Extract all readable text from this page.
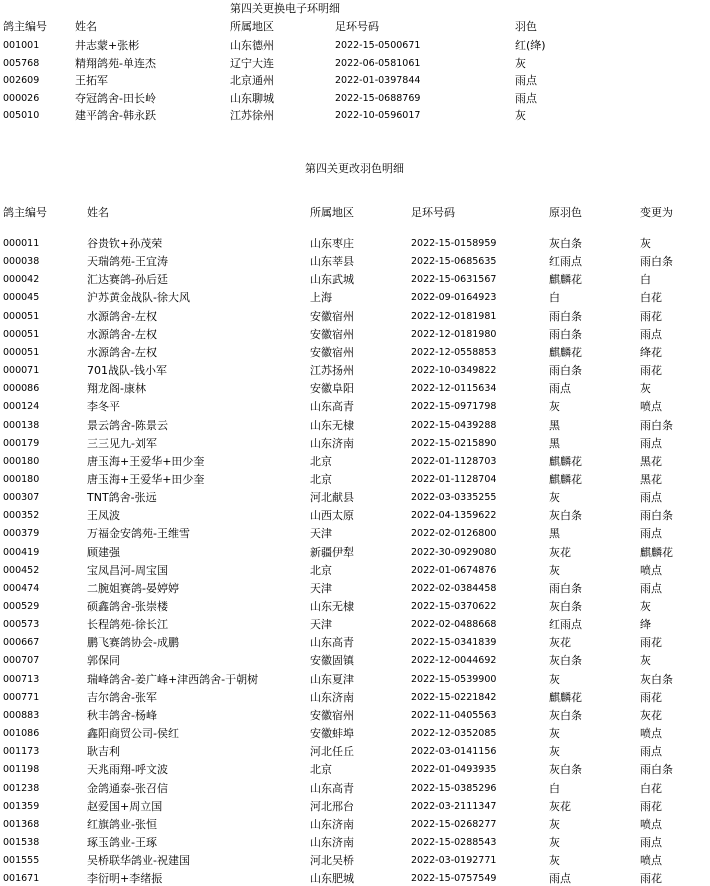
第四关更换电子环明细
鸽主编号	姓名	所属地区	足环号码	羽色
001001	井志蒙+张彬	山东德州	2022-15-0500671	红(绛)
005768	精翔鸽苑-单连杰	辽宁大连	2022-06-0581061	灰
002609	王拓军	北京通州	2022-01-0397844	雨点
000026	夺冠鸽舍-田长岭	山东聊城	2022-15-0688769	雨点
005010	建平鸽舍-韩永跃	江苏徐州	2022-10-0596017	灰
第四关更改羽色明细
鸽主编号	姓名	所属地区	足环号码	原羽色	变更为
000011	谷贵钦+孙茂荣	山东枣庄	2022-15-0158959	灰白条	灰
000038	天瑞鸽苑-王宜涛	山东莘县	2022-15-0685635	红雨点	雨白条
000042	汇达赛鸽-孙后廷	山东武城	2022-15-0631567	麒麟花	白
000045	沪苏黄金战队-徐大风	上海	2022-09-0164923	白	白花
000051	水源鸽舍-左权	安徽宿州	2022-12-0181981	雨白条	雨花
000051	水源鸽舍-左权	安徽宿州	2022-12-0181980	雨白条	雨点
000051	水源鸽舍-左权	安徽宿州	2022-12-0558853	麒麟花	绛花
000071	701战队-钱小军	江苏扬州	2022-10-0349822	雨白条	雨花
000086	翔龙阁-康林	安徽阜阳	2022-12-0115634	雨点	灰
000124	李冬平	山东高青	2022-15-0971798	灰	喷点
000138	景云鸽舍-陈景云	山东无棣	2022-15-0439288	黑	雨白条
000179	三三见九-刘军	山东济南	2022-15-0215890	黑	雨点
000180	唐玉海+王爱华+田少奎	北京	2022-01-1128703	麒麟花	黑花
000180	唐玉海+王爱华+田少奎	北京	2022-01-1128704	麒麟花	黑花
000307	TNT鸽舍-张远	河北献县	2022-03-0335255	灰	雨点
000352	王凤波	山西太原	2022-04-1359622	灰白条	雨白条
000379	万福金安鸽苑-王维雪	天津	2022-02-0126800	黑	雨点
000419	顾建强	新疆伊犁	2022-30-0929080	灰花	麒麟花
000452	宝凤昌河-周宝国	北京	2022-01-0674876	灰	喷点
000474	二腕姐赛鸽-晏婷婷	天津	2022-02-0384458	雨白条	雨点
000529	硕鑫鸽舍-张崇楼	山东无棣	2022-15-0370622	灰白条	灰
000573	长程鸽苑-徐长江	天津	2022-02-0488668	红雨点	绛
000667	鹏飞赛鸽协会-成鹏	山东高青	2022-15-0341839	灰花	雨花
000707	郭保同	安徽固镇	2022-12-0044692	灰白条	灰
000713	瑞峰鸽舍-姜广峰+津西鸽舍-于朝树	山东夏津	2022-15-0539900	灰	灰白条
000771	吉尔鸽舍-张军	山东济南	2022-15-0221842	麒麟花	雨花
000883	秋丰鸽舍-杨峰	安徽宿州	2022-11-0405563	灰白条	灰花
001086	鑫阳商贸公司-侯红	安徽蚌埠	2022-12-0352085	灰	喷点
001173	耿吉利	河北任丘	2022-03-0141156	灰	雨点
001198	天兆雨翔-呼文波	北京	2022-01-0493935	灰白条	雨白条
001238	金鸽通泰-张召信	山东高青	2022-15-0385296	白	白花
001359	赵爱国+周立国	河北邢台	2022-03-2111347	灰花	雨花
001368	红旗鸽业-张恒	山东济南	2022-15-0268277	灰	喷点
001538	琢玉鸽业-王琢	山东济南	2022-15-0288543	灰	雨点
001555	吴桥联华鸽业-祝建国	河北吴桥	2022-03-0192771	灰	喷点
001671	李衍明+李绪振	山东肥城	2022-15-0757549	雨点	雨花
